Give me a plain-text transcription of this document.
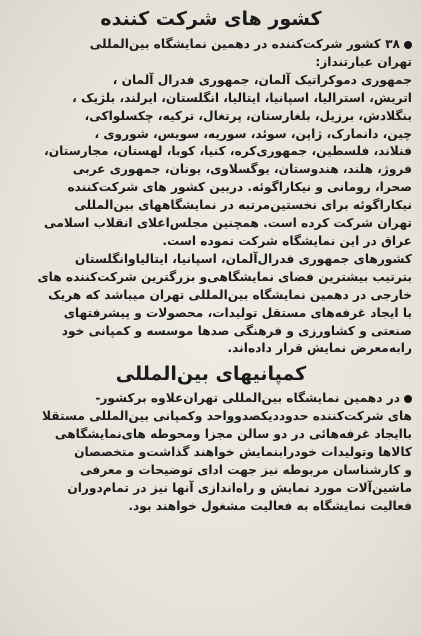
کشور های شرکت کننده
۳۸ کشور شرکت‌کننده در دهمین نمایشگاه بین‌المللی
تهران عبارتنداز:
جمهوری دموکراتیک آلمان، جمهوری فدرال آلمان ،
اتریش، استرالیا، اسپانیا، ایتالیا، انگلستان، ایرلند، بلژیک ،
بنگلادش، برزیل، بلغارستان، پرتغال، ترکیه، چکسلواکی،
چین، دانمارک، ژاپن، سوئد، سوریه، سویس، شوروی ،
فنلاند، فلسطین، جمهوری‌کره، کنیا، کوبا، لهستان، مجارستان،
فروژ، هلند، هندوستان، یوگسلاوی، یونان، جمهوری عربی
صحرا، رومانی و نیکاراگوئه. دربین کشور های شرکت‌کننده
نیکاراگوئه برای نخستین‌مرتبه در نمایشگاههای بین‌المللی
تهران شرکت کرده است. همچنین مجلس‌اعلای انقلاب اسلامی
عراق در این نمایشگاه شرکت نموده است.
کشورهای جمهوری فدرال‌آلمان، اسپانیا، ایتالیاوانگلستان
بترتیب بیشترین فضای نمایشگاهی‌و بزرگترین شرکت‌کننده های
خارجی در دهمین نمایشگاه بین‌المللی تهران میباشد که هریک
با ایجاد غرفه‌های مستقل تولیدات، محصولات و پیشرفتهای
صنعتی و کشاورزی و فرهنگی صدها موسسه و کمپانی خود
رابه‌معرض نمایش قرار داده‌اند.
کمپانیهای بین‌المللی
در دهمین نمایشگاه بین‌المللی تهران‌علاوه برکشور-
های شرکت‌کننده حدود‌دیکصدوواحد وکمپانی بین‌المللی مستقلا
باایجاد غرفه‌هائی در دو سالن مجزا ومحوطه های‌نمایشگاهی
کالاها وتولیدات خودرابنمایش خواهند گذاشت‌و متخصصان
و کارشناسان مربوطه نیز جهت ادای توضیحات و معرفی
ماشین‌آلات مورد نمایش و راه‌اندازی آنها نیز در تمام‌دوران
فعالیت نمایشگاه به فعالیت مشغول خواهند بود.
